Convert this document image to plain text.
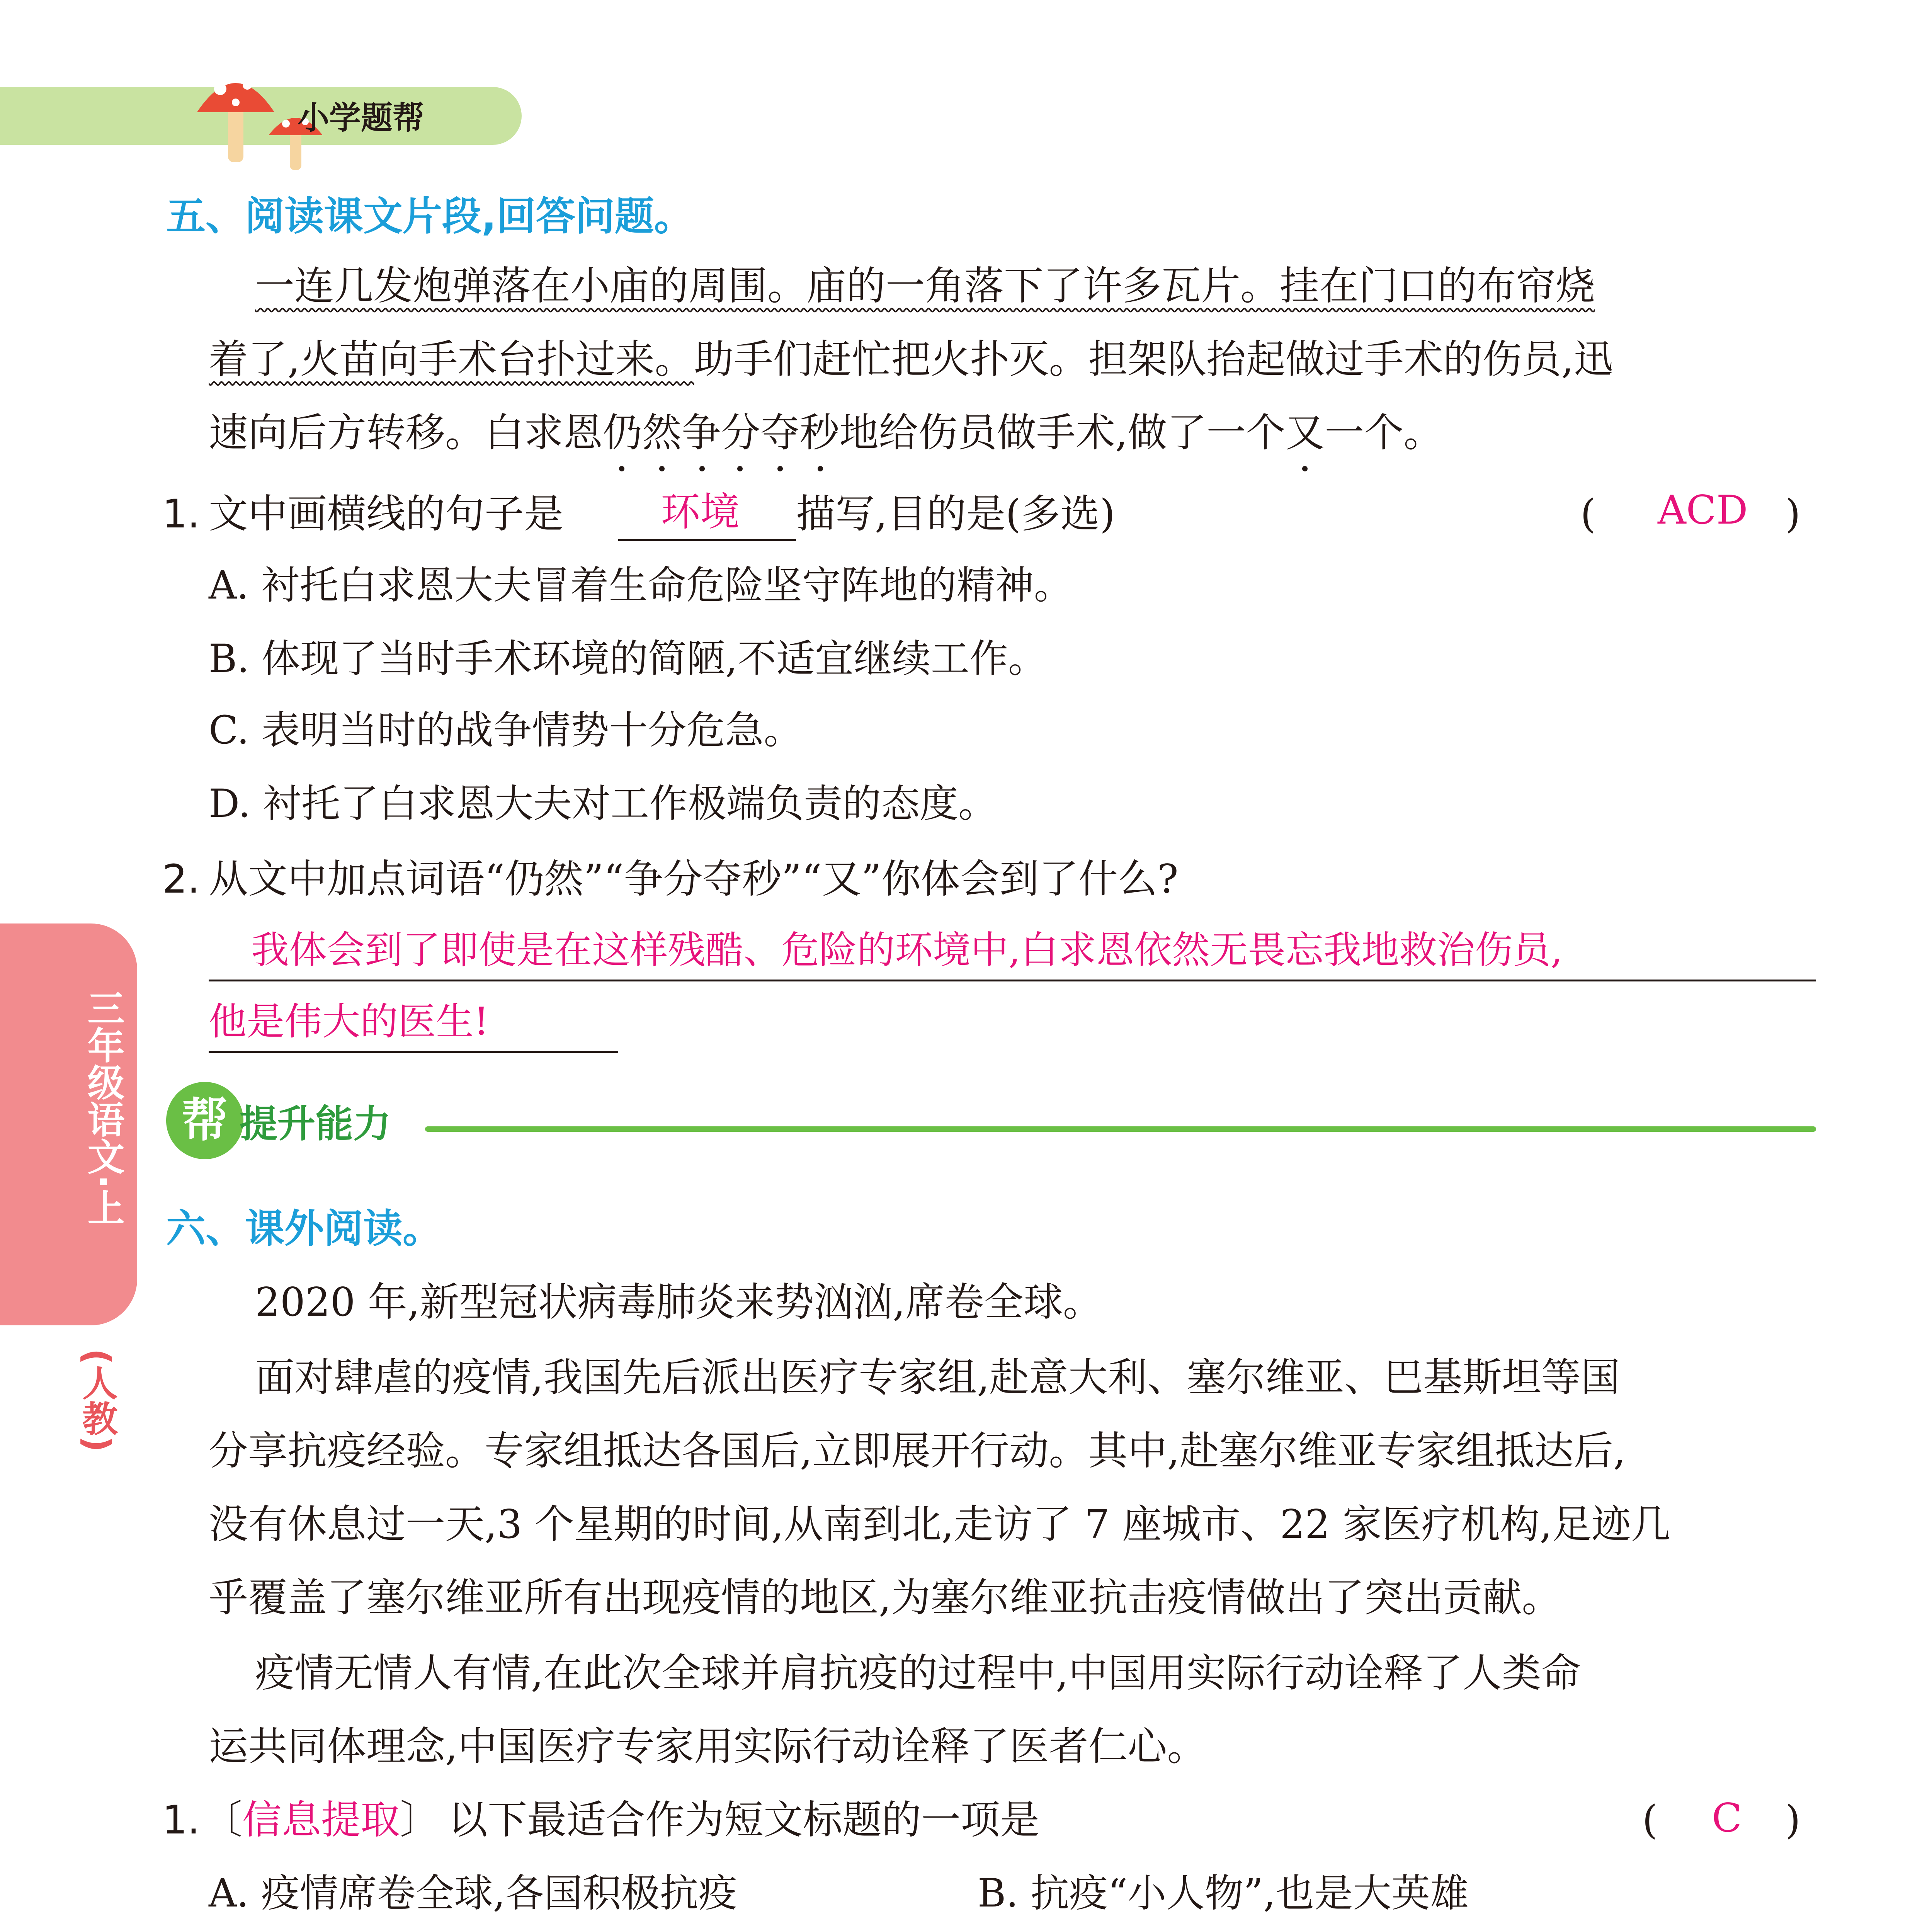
小学题帮
三年级语文·上
(人教)
五、阅读课文片段,回答问题。
一连几发炮弹落在小庙的周围。庙的一角落下了许多瓦片。挂在门口的布帘烧
着了,火苗向手术台扑过来。助手们赶忙把火扑灭。担架队抬起做过手术的伤员,迅
速向后方转移。白求恩仍然争分夺秒
地给伤员做手术,做了一个又
一个。
1. 文中画横线的句子是 环境 描写,目的是(多选)	( ACD )
A. 衬托白求恩大夫冒着生命危险坚守阵地的精神。
B. 体现了当时手术环境的简陋,不适宜继续工作。
C. 表明当时的战争情势十分危急。
D. 衬托了白求恩大夫对工作极端负责的态度。
2. 从文中加点词语“仍然”“争分夺秒”“又”你体会到了什么?
我体会到了即使是在这样残酷、危险的环境中,白求恩依然无畏忘我地救治伤员,
他是伟大的医生!
帮 提升能力
六、课外阅读。
2020 年,新型冠状病毒肺炎来势汹汹,席卷全球。
面对肆虐的疫情,我国先后派出医疗专家组,赴意大利、塞尔维亚、巴基斯坦等国
分享抗疫经验。专家组抵达各国后,立即展开行动。其中,赴塞尔维亚专家组抵达后,
没有休息过一天,3 个星期的时间,从南到北,走访了 7 座城市、22 家医疗机构,足迹几
乎覆盖了塞尔维亚所有出现疫情的地区,为塞尔维亚抗击疫情做出了突出贡献。
疫情无情人有情,在此次全球并肩抗疫的过程中,中国用实际行动诠释了人类命
运共同体理念,中国医疗专家用实际行动诠释了医者仁心。
1. 〔信息提取〕 以下最适合作为短文标题的一项是	( C )
A. 疫情席卷全球,各国积极抗疫	B. 抗疫“小人物”,也是大英雄
